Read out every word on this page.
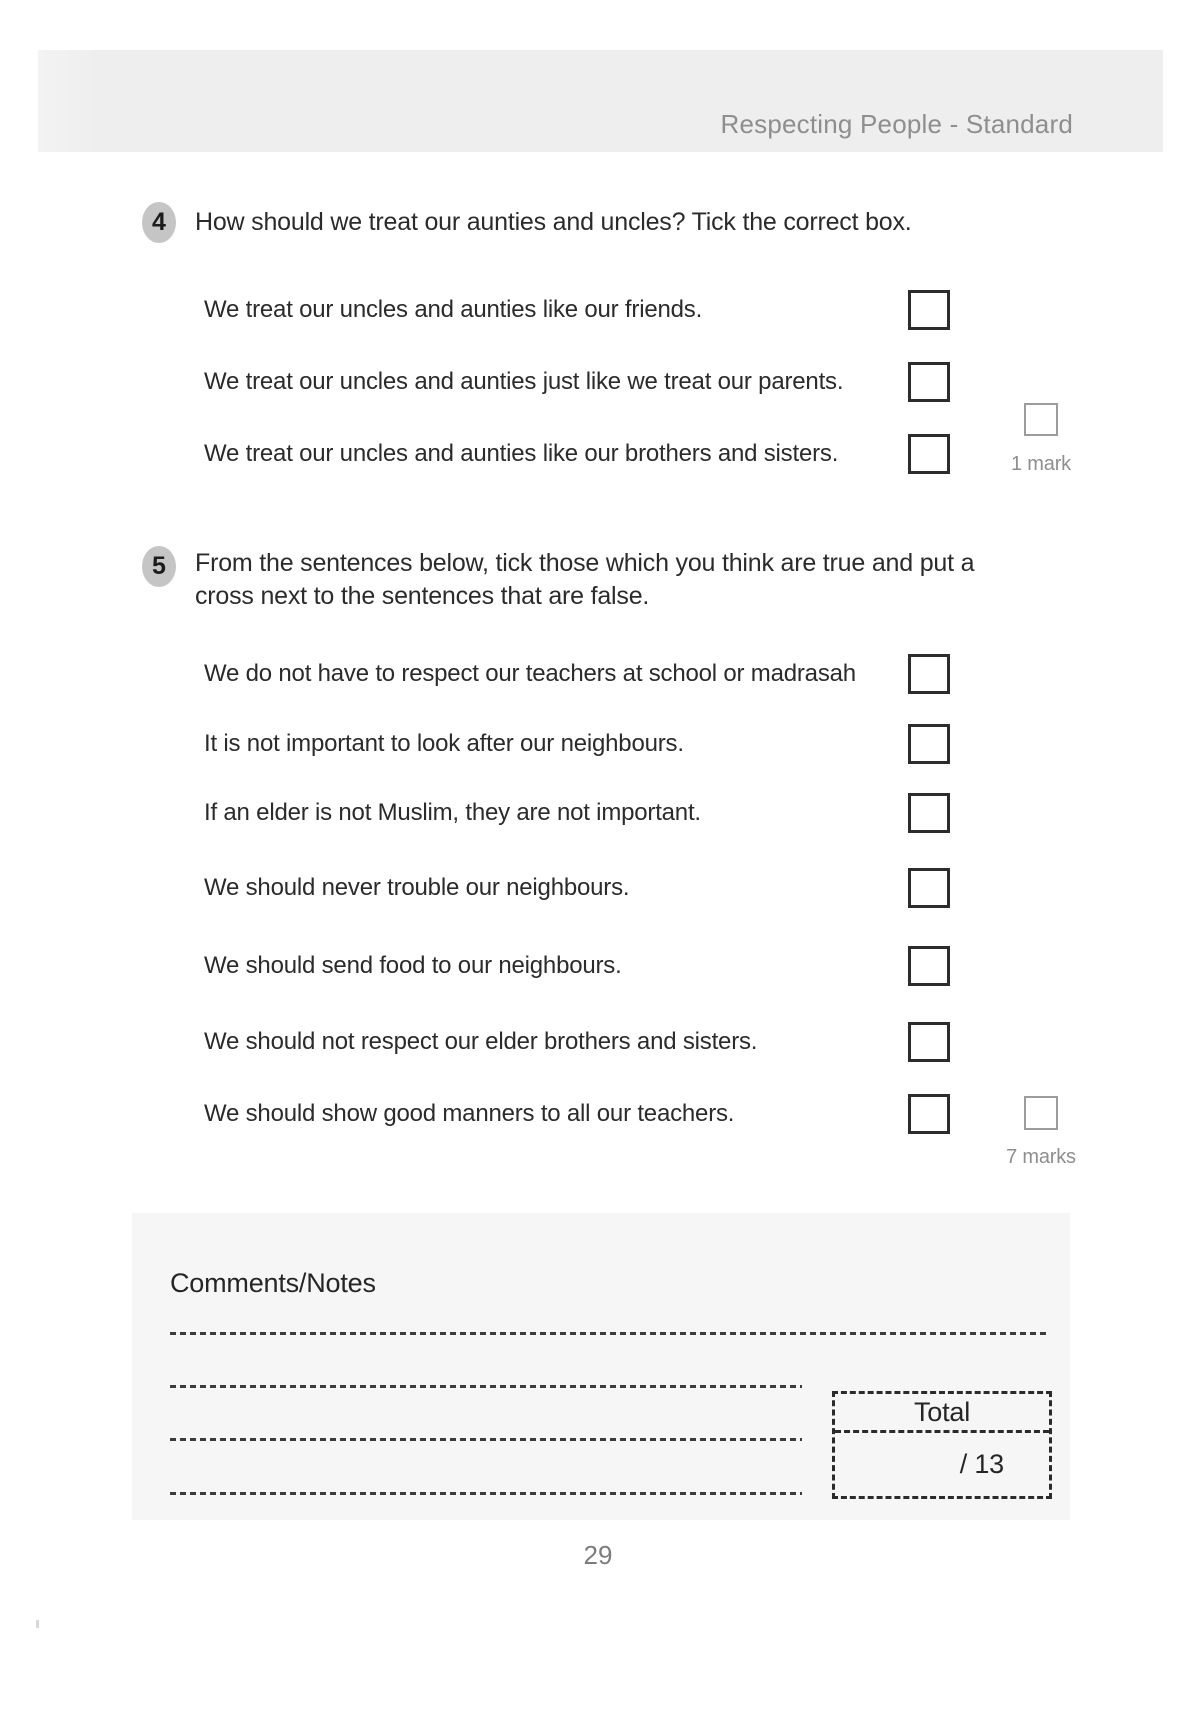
Respecting People - Standard
4	How should we treat our aunties and uncles? Tick the correct box.
We treat our uncles and aunties like our friends.
We treat our uncles and aunties just like we treat our parents.
We treat our uncles and aunties like our brothers and sisters.	1 mark
5	From the sentences below, tick those which you think are true and put a
cross next to the sentences that are false.
We do not have to respect our teachers at school or madrasah
It is not important to look after our neighbours.
If an elder is not Muslim, they are not important.
We should never trouble our neighbours.
We should send food to our neighbours.
We should not respect our elder brothers and sisters.
We should show good manners to all our teachers.
7 marks
Comments/Notes
Total
/ 13
29
